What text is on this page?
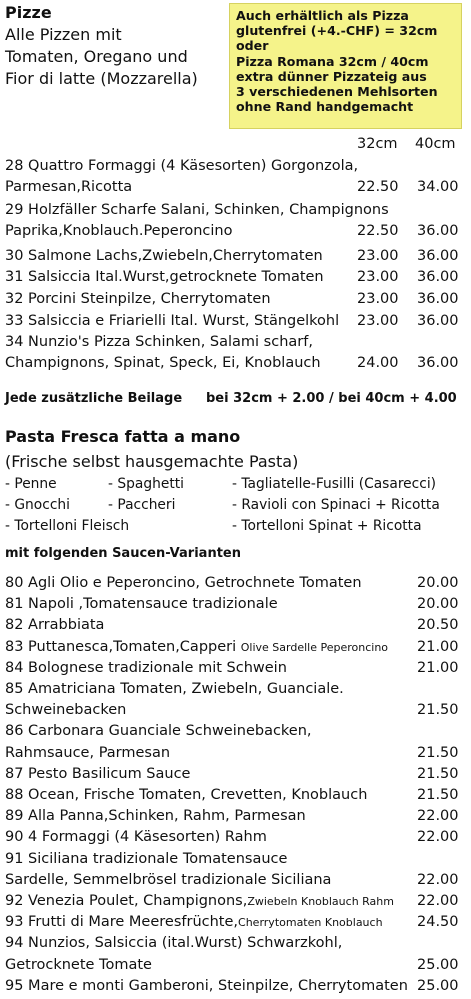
Pizze
Alle Pizzen mit
Tomaten, Oregano und
Fior di latte (Mozzarella)
Auch erhältlich als Pizza
glutenfrei (+4.-CHF) = 32cm
oder
Pizza Romana 32cm / 40cm
extra dünner Pizzateig aus
3 verschiedenen Mehlsorten
ohne Rand handgemacht
32cm 40cm
28 Quattro Formaggi (4 Käsesorten) Gorgonzola,
Parmesan,Ricotta	22.50 34.00
29 Holzfäller Scharfe Salani, Schinken, Champignons
Paprika,Knoblauch.Peperoncino	22.50 36.00
30 Salmone Lachs,Zwiebeln,Cherrytomaten 23.00 36.00
31 Salsiccia Ital.Wurst,getrocknete Tomaten 23.00 36.00
32 Porcini Steinpilze, Cherrytomaten	23.00 36.00
33 Salsiccia e Friarielli Ital. Wurst, Stängelkohl 23.00 36.00
34 Nunzio's Pizza Schinken, Salami scharf,
Champignons, Spinat, Speck, Ei, Knoblauch	24.00 36.00
Jede zusätzliche Beilage bei 32cm + 2.00 / bei 40cm + 4.00
Pasta Fresca fatta a mano
(Frische selbst hausgemachte Pasta)
- Penne	- Spaghetti	- Tagliatelle-Fusilli (Casarecci)
- Gnocchi	- Paccheri	- Ravioli con Spinaci + Ricotta
- Tortelloni Fleisch	- Tortelloni Spinat + Ricotta
mit folgenden Saucen-Varianten
80 Agli Olio e Peperoncino, Getrochnete Tomaten	20.00
81 Napoli ,Tomatensauce tradizionale	20.00
82 Arrabbiata	20.50
83 Puttanesca,Tomaten,Capperi Olive Sardelle Peperoncino 21.00
84 Bolognese tradizionale mit Schwein	21.00
85 Amatriciana Tomaten, Zwiebeln, Guanciale.
Schweinebacken	21.50
86 Carbonara Guanciale Schweinebacken,
Rahmsauce, Parmesan	21.50
87 Pesto Basilicum Sauce	21.50
88 Ocean, Frische Tomaten, Crevetten, Knoblauch	21.50
89 Alla Panna,Schinken, Rahm, Parmesan	22.00
90 4 Formaggi (4 Käsesorten) Rahm	22.00
91 Siciliana tradizionale Tomatensauce
Sardelle, Semmelbrösel tradizionale Siciliana	22.00
92 Venezia Poulet, Champignons,Zwiebeln Knoblauch Rahm 22.00
93 Frutti di Mare Meeresfrüchte,Cherrytomaten Knoblauch 24.50
94 Nunzios, Salsiccia (ital.Wurst) Schwarzkohl,
Getrocknete Tomate	25.00
95 Mare e monti Gamberoni, Steinpilze, Cherrytomaten 25.00
